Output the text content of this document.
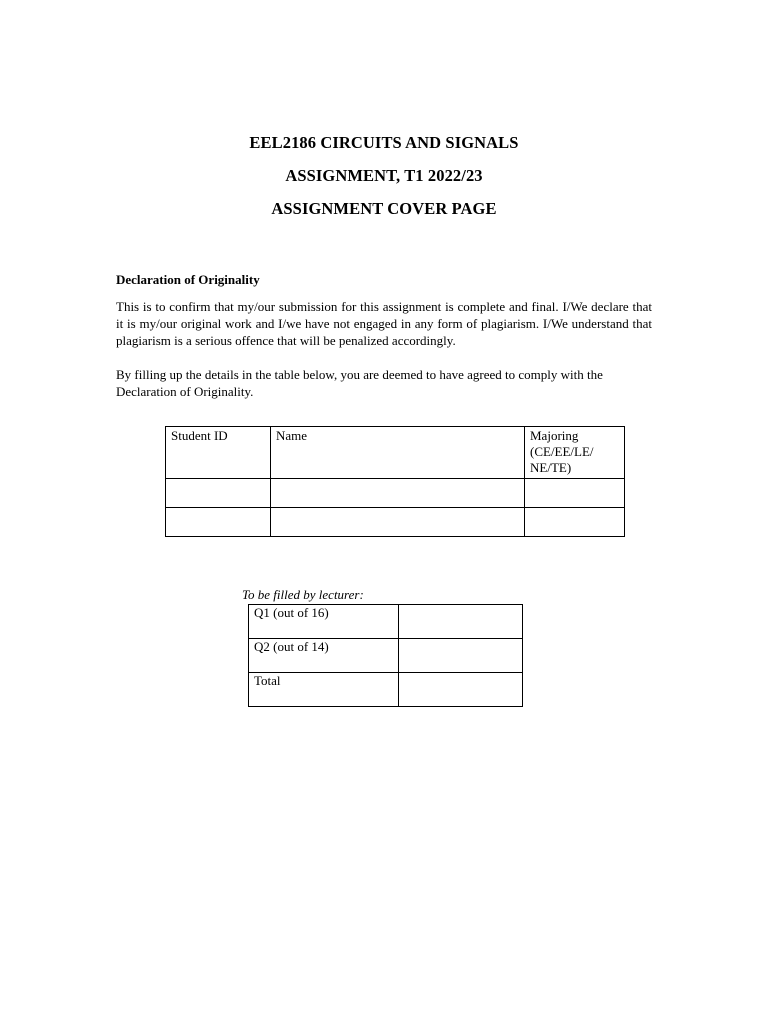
EEL2186 CIRCUITS AND SIGNALS
ASSIGNMENT, T1 2022/23
ASSIGNMENT COVER PAGE
Declaration of Originality
This is to confirm that my/our submission for this assignment is complete and final. I/We declare that it is my/our original work and I/we have not engaged in any form of plagiarism. I/We understand that plagiarism is a serious offence that will be penalized accordingly.
By filling up the details in the table below, you are deemed to have agreed to comply with the Declaration of Originality.
Student ID	Name	Majoring (CE/EE/LE/ NE/TE)

To be filled by lecturer:
Q1 (out of 16)	
Q2 (out of 14)	
Total	
